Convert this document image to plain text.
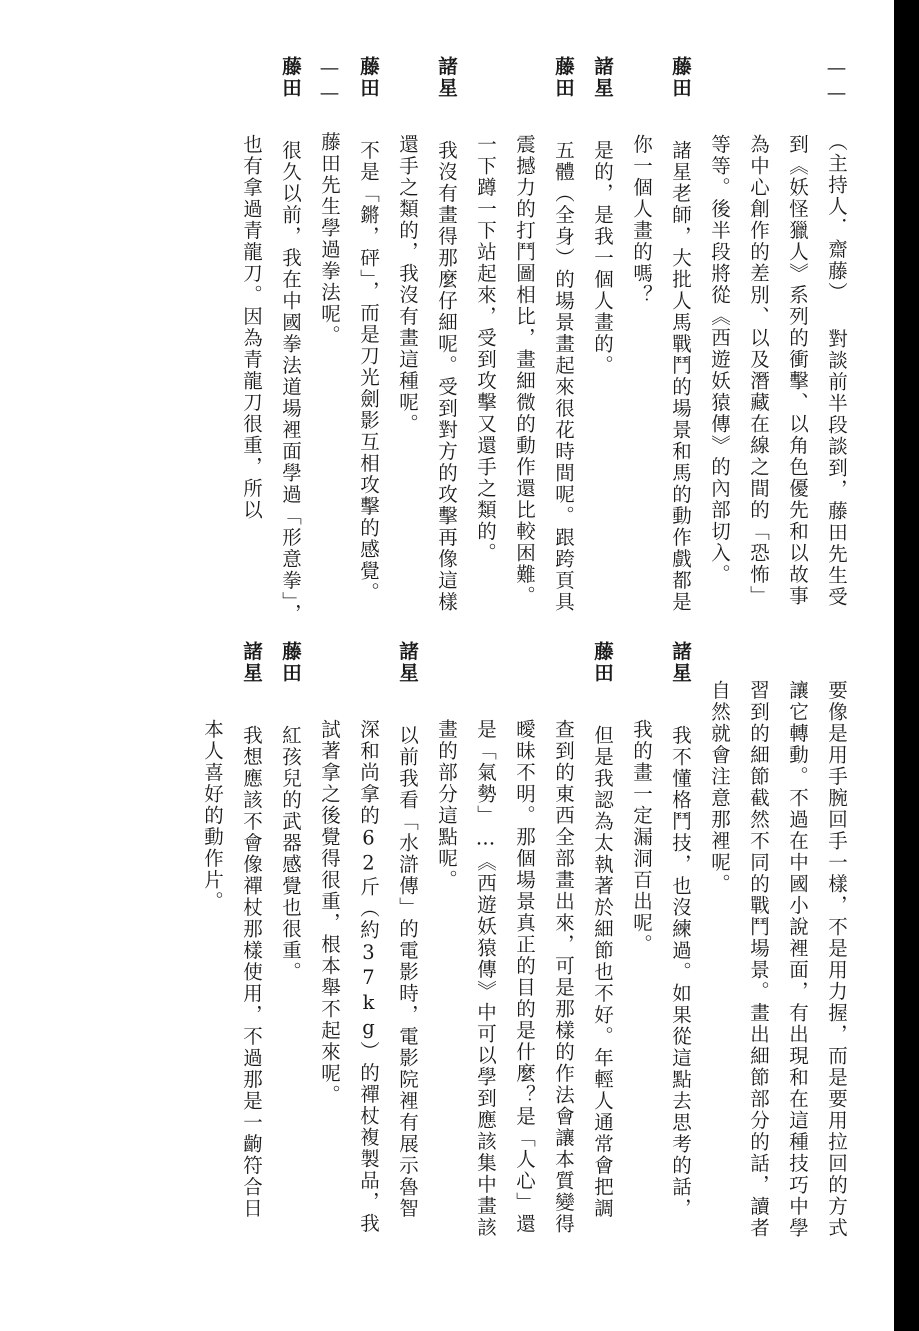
——（主持人．齋藤） 對談前半段談到，藤田先生受到《妖怪獵人》系列的衝擊、以角色優先和以故事為中心創作的差別、以及潛藏在線之間的「恐怖」等等。後半段將從《西遊妖猿傳》的內部切入。

藤田諸星老師，大批人馬戰鬥的場景和馬的動作戲都是你一個人畫的嗎？

諸星是的，是我一個人畫的。

藤田五體（全身）的場景畫起來很花時間呢。跟跨頁具震撼力的打鬥圖相比，畫細微的動作還比較困難。一下蹲一下站起來，受到攻擊又還手之類的。

諸星我沒有畫得那麼仔細呢。受到對方的攻擊再像這樣還手之類的，我沒有畫這種呢。

藤田不是「鏘，砰」，而是刀光劍影互相攻擊的感覺。

——藤田先生學過拳法呢。

藤田很久以前，我在中國拳法道場裡面學過「形意拳」，也有拿過青龍刀。因為青龍刀很重，所以

要像是用手腕回手一樣，不是用力握，而是要用拉回的方式讓它轉動。不過在中國小說裡面，有出現和在這種技巧中學習到的細節截然不同的戰鬥場景。畫出細節部分的話，讀者自然就會注意那裡呢。

諸星我不懂格鬥技，也沒練過。如果從這點去思考的話，我的畫一定漏洞百出呢。

藤田但是我認為太執著於細節也不好。年輕人通常會把調查到的東西全部畫出來，可是那樣的作法會讓本質變得曖昧不明。那個場景真正的目的是什麼？是「人心」還是「氣勢」…《西遊妖猿傳》中可以學到應該集中畫該畫的部分這點呢。

諸星以前我看「水滸傳」的電影時，電影院裡有展示魯智深和尚拿的62斤（約37kg）的禪杖複製品，我試著拿之後覺得很重，根本舉不起來呢。

藤田紅孩兒的武器感覺也很重。

諸星我想應該不會像禪杖那樣使用，不過那是一齣符合日本人喜好的動作片。
